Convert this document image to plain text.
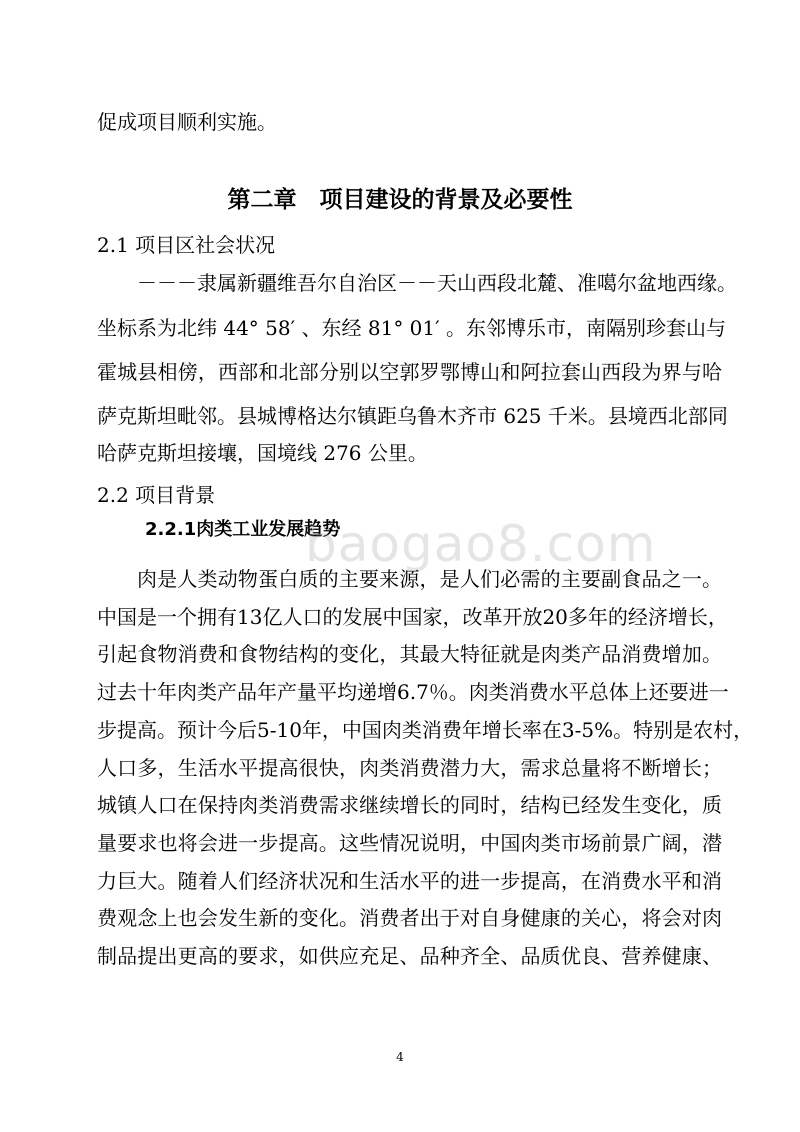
促成项目顺利实施。

第二章　项目建设的背景及必要性

2.1 项目区社会状况

－－－隶属新疆维吾尔自治区－－天山西段北麓、准噶尔盆地西缘。

坐标系为北纬 44° 58′ 、东经 81° 01′ 。东邻博乐市，南隔别珍套山与

霍城县相傍，西部和北部分别以空郭罗鄂博山和阿拉套山西段为界与哈

萨克斯坦毗邻。县城博格达尔镇距乌鲁木齐市 625 千米。县境西北部同

哈萨克斯坦接壤，国境线 276 公里。

2.2 项目背景

2.2.1肉类工业发展趋势

baogao8.com

肉是人类动物蛋白质的主要来源，是人们必需的主要副食品之一。

中国是一个拥有13亿人口的发展中国家，改革开放20多年的经济增长，

引起食物消费和食物结构的变化，其最大特征就是肉类产品消费增加。

过去十年肉类产品年产量平均递增6.7％。肉类消费水平总体上还要进一

步提高。预计今后5-10年，中国肉类消费年增长率在3-5%。特别是农村，

人口多，生活水平提高很快，肉类消费潜力大，需求总量将不断增长；

城镇人口在保持肉类消费需求继续增长的同时，结构已经发生变化，质

量要求也将会进一步提高。这些情况说明，中国肉类市场前景广阔，潜

力巨大。随着人们经济状况和生活水平的进一步提高，在消费水平和消

费观念上也会发生新的变化。消费者出于对自身健康的关心，将会对肉

制品提出更高的要求，如供应充足、品种齐全、品质优良、营养健康、

4
